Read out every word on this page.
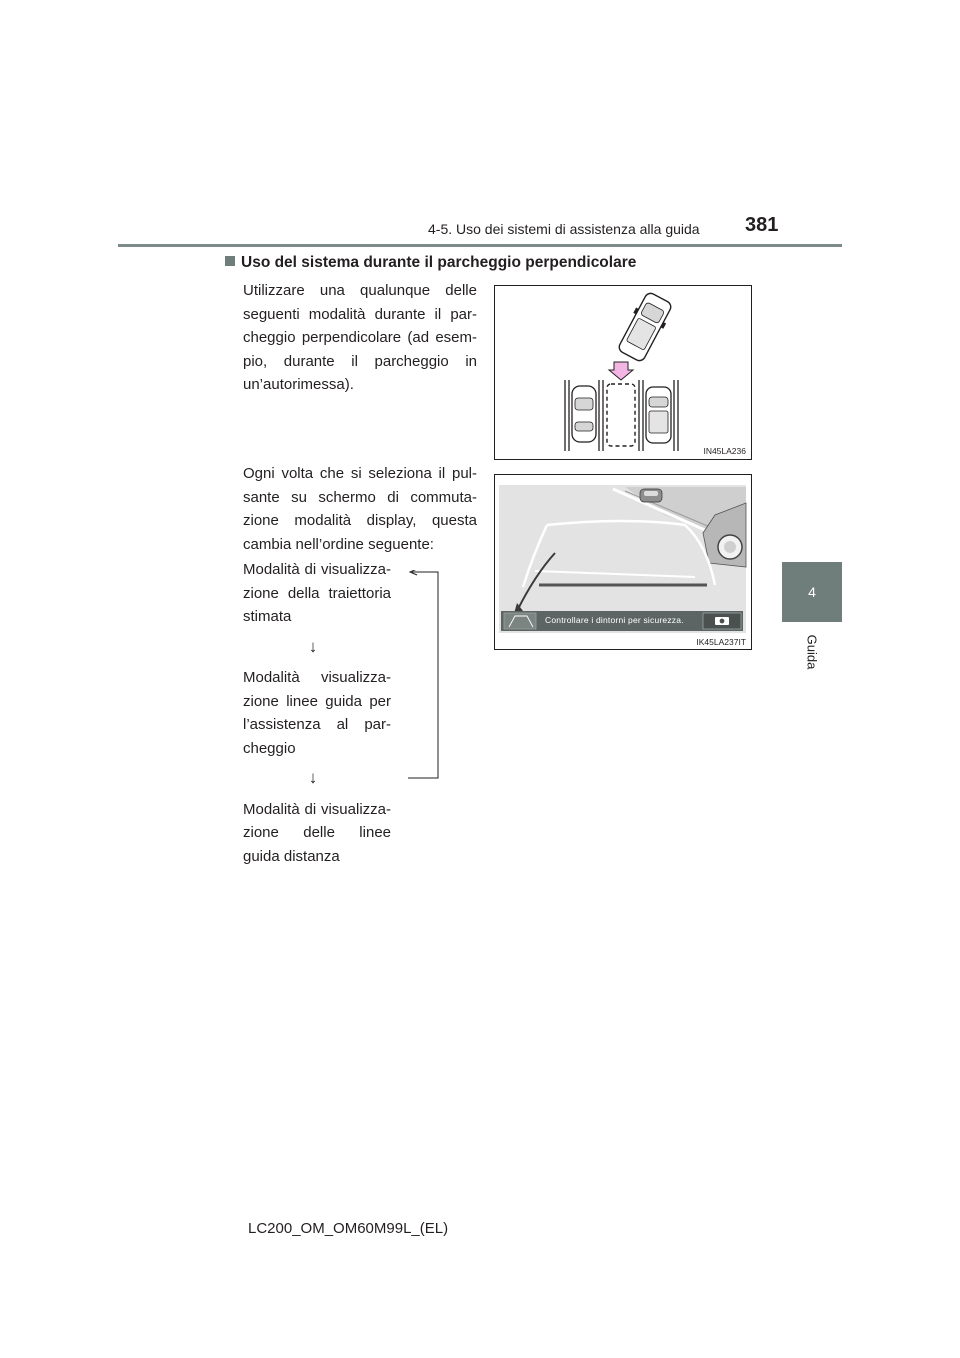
4-5. Uso dei sistemi di assistenza alla guida 381
4
Guida
Uso del sistema durante il parcheggio perpendicolare
Utilizzare una qualunque delle seguenti modalità durante il par-cheggio perpendicolare (ad esem-pio, durante il parcheggio in un’autorimessa).
Ogni volta che si seleziona il pul-sante su schermo di commuta-zione modalità display, questa cambia nell’ordine seguente:
Modalità di visualizza-zione della traiettoria stimata
↓
Modalità visualizza-zione linee guida per l’assistenza al par-cheggio
↓
Modalità di visualizza-zione delle linee guida distanza
IN45LA236
Controllare i dintorni per sicurezza.
IK45LA237IT
LC200_OM_OM60M99L_(EL)
